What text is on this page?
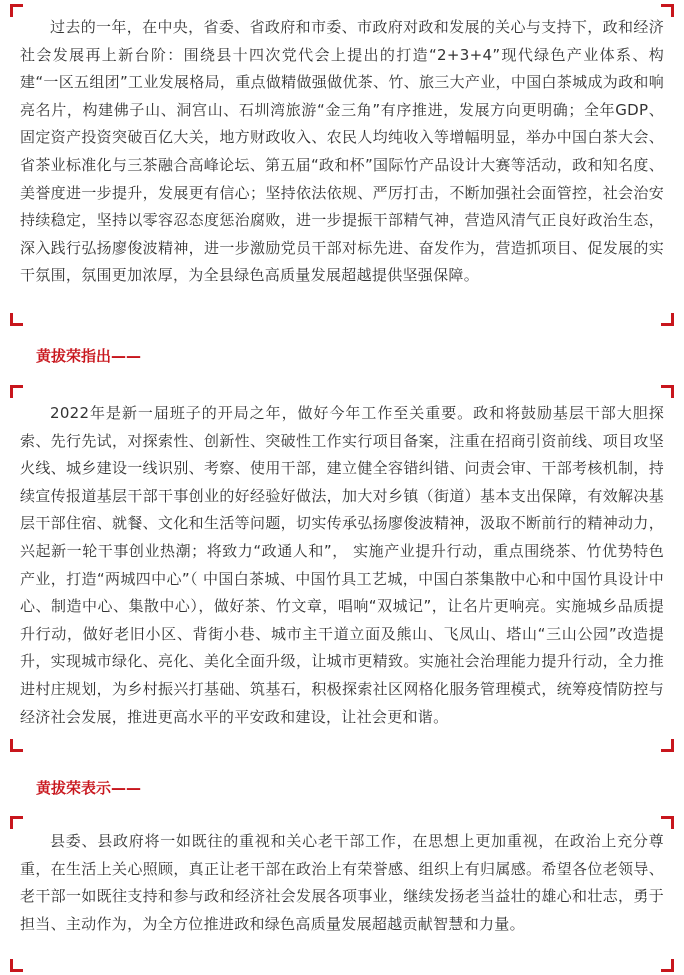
过去的一年，在中央，省委、省政府和市委、市政府对政和发展的关心与支持下，政和经济社会发展再上新台阶：围绕县十四次党代会上提出的打造“2+3+4”现代绿色产业体系、构建“一区五组团”工业发展格局，重点做精做强做优茶、竹、旅三大产业，中国白茶城成为政和响亮名片，构建佛子山、洞宫山、石圳湾旅游“金三角”有序推进，发展方向更明确；全年GDP、固定资产投资突破百亿大关，地方财政收入、农民人均纯收入等增幅明显，举办中国白茶大会、省茶业标准化与三茶融合高峰论坛、第五届“政和杯”国际竹产品设计大赛等活动，政和知名度、美誉度进一步提升，发展更有信心；坚持依法依规、严厉打击，不断加强社会面管控，社会治安持续稳定，坚持以零容忍态度惩治腐败，进一步提振干部精气神，营造风清气正良好政治生态，深入践行弘扬廖俊波精神，进一步激励党员干部对标先进、奋发作为，营造抓项目、促发展的实干氛围，氛围更加浓厚，为全县绿色高质量发展超越提供坚强保障。

黄拔荣指出——

2022年是新一届班子的开局之年，做好今年工作至关重要。政和将鼓励基层干部大胆探索、先行先试，对探索性、创新性、突破性工作实行项目备案，注重在招商引资前线、项目攻坚火线、城乡建设一线识别、考察、使用干部，建立健全容错纠错、问责会审、干部考核机制，持续宣传报道基层干部干事创业的好经验好做法，加大对乡镇（街道）基本支出保障，有效解决基层干部住宿、就餐、文化和生活等问题，切实传承弘扬廖俊波精神，汲取不断前行的精神动力，兴起新一轮干事创业热潮；将致力“政通人和”， 实施产业提升行动，重点围绕茶、竹优势特色产业，打造“两城四中心”（ 中国白茶城、中国竹具工艺城，中国白茶集散中心和中国竹具设计中心、制造中心、集散中心），做好茶、竹文章，唱响“双城记”，让名片更响亮。实施城乡品质提升行动，做好老旧小区、背街小巷、城市主干道立面及熊山、飞凤山、塔山“三山公园”改造提升，实现城市绿化、亮化、美化全面升级，让城市更精致。实施社会治理能力提升行动，全力推进村庄规划，为乡村振兴打基础、筑基石，积极探索社区网格化服务管理模式，统筹疫情防控与经济社会发展，推进更高水平的平安政和建设，让社会更和谐。

黄拔荣表示——

县委、县政府将一如既往的重视和关心老干部工作，在思想上更加重视，在政治上充分尊重，在生活上关心照顾，真正让老干部在政治上有荣誉感、组织上有归属感。希望各位老领导、老干部一如既往支持和参与政和经济社会发展各项事业，继续发扬老当益壮的雄心和壮志，勇于担当、主动作为，为全方位推进政和绿色高质量发展超越贡献智慧和力量。
